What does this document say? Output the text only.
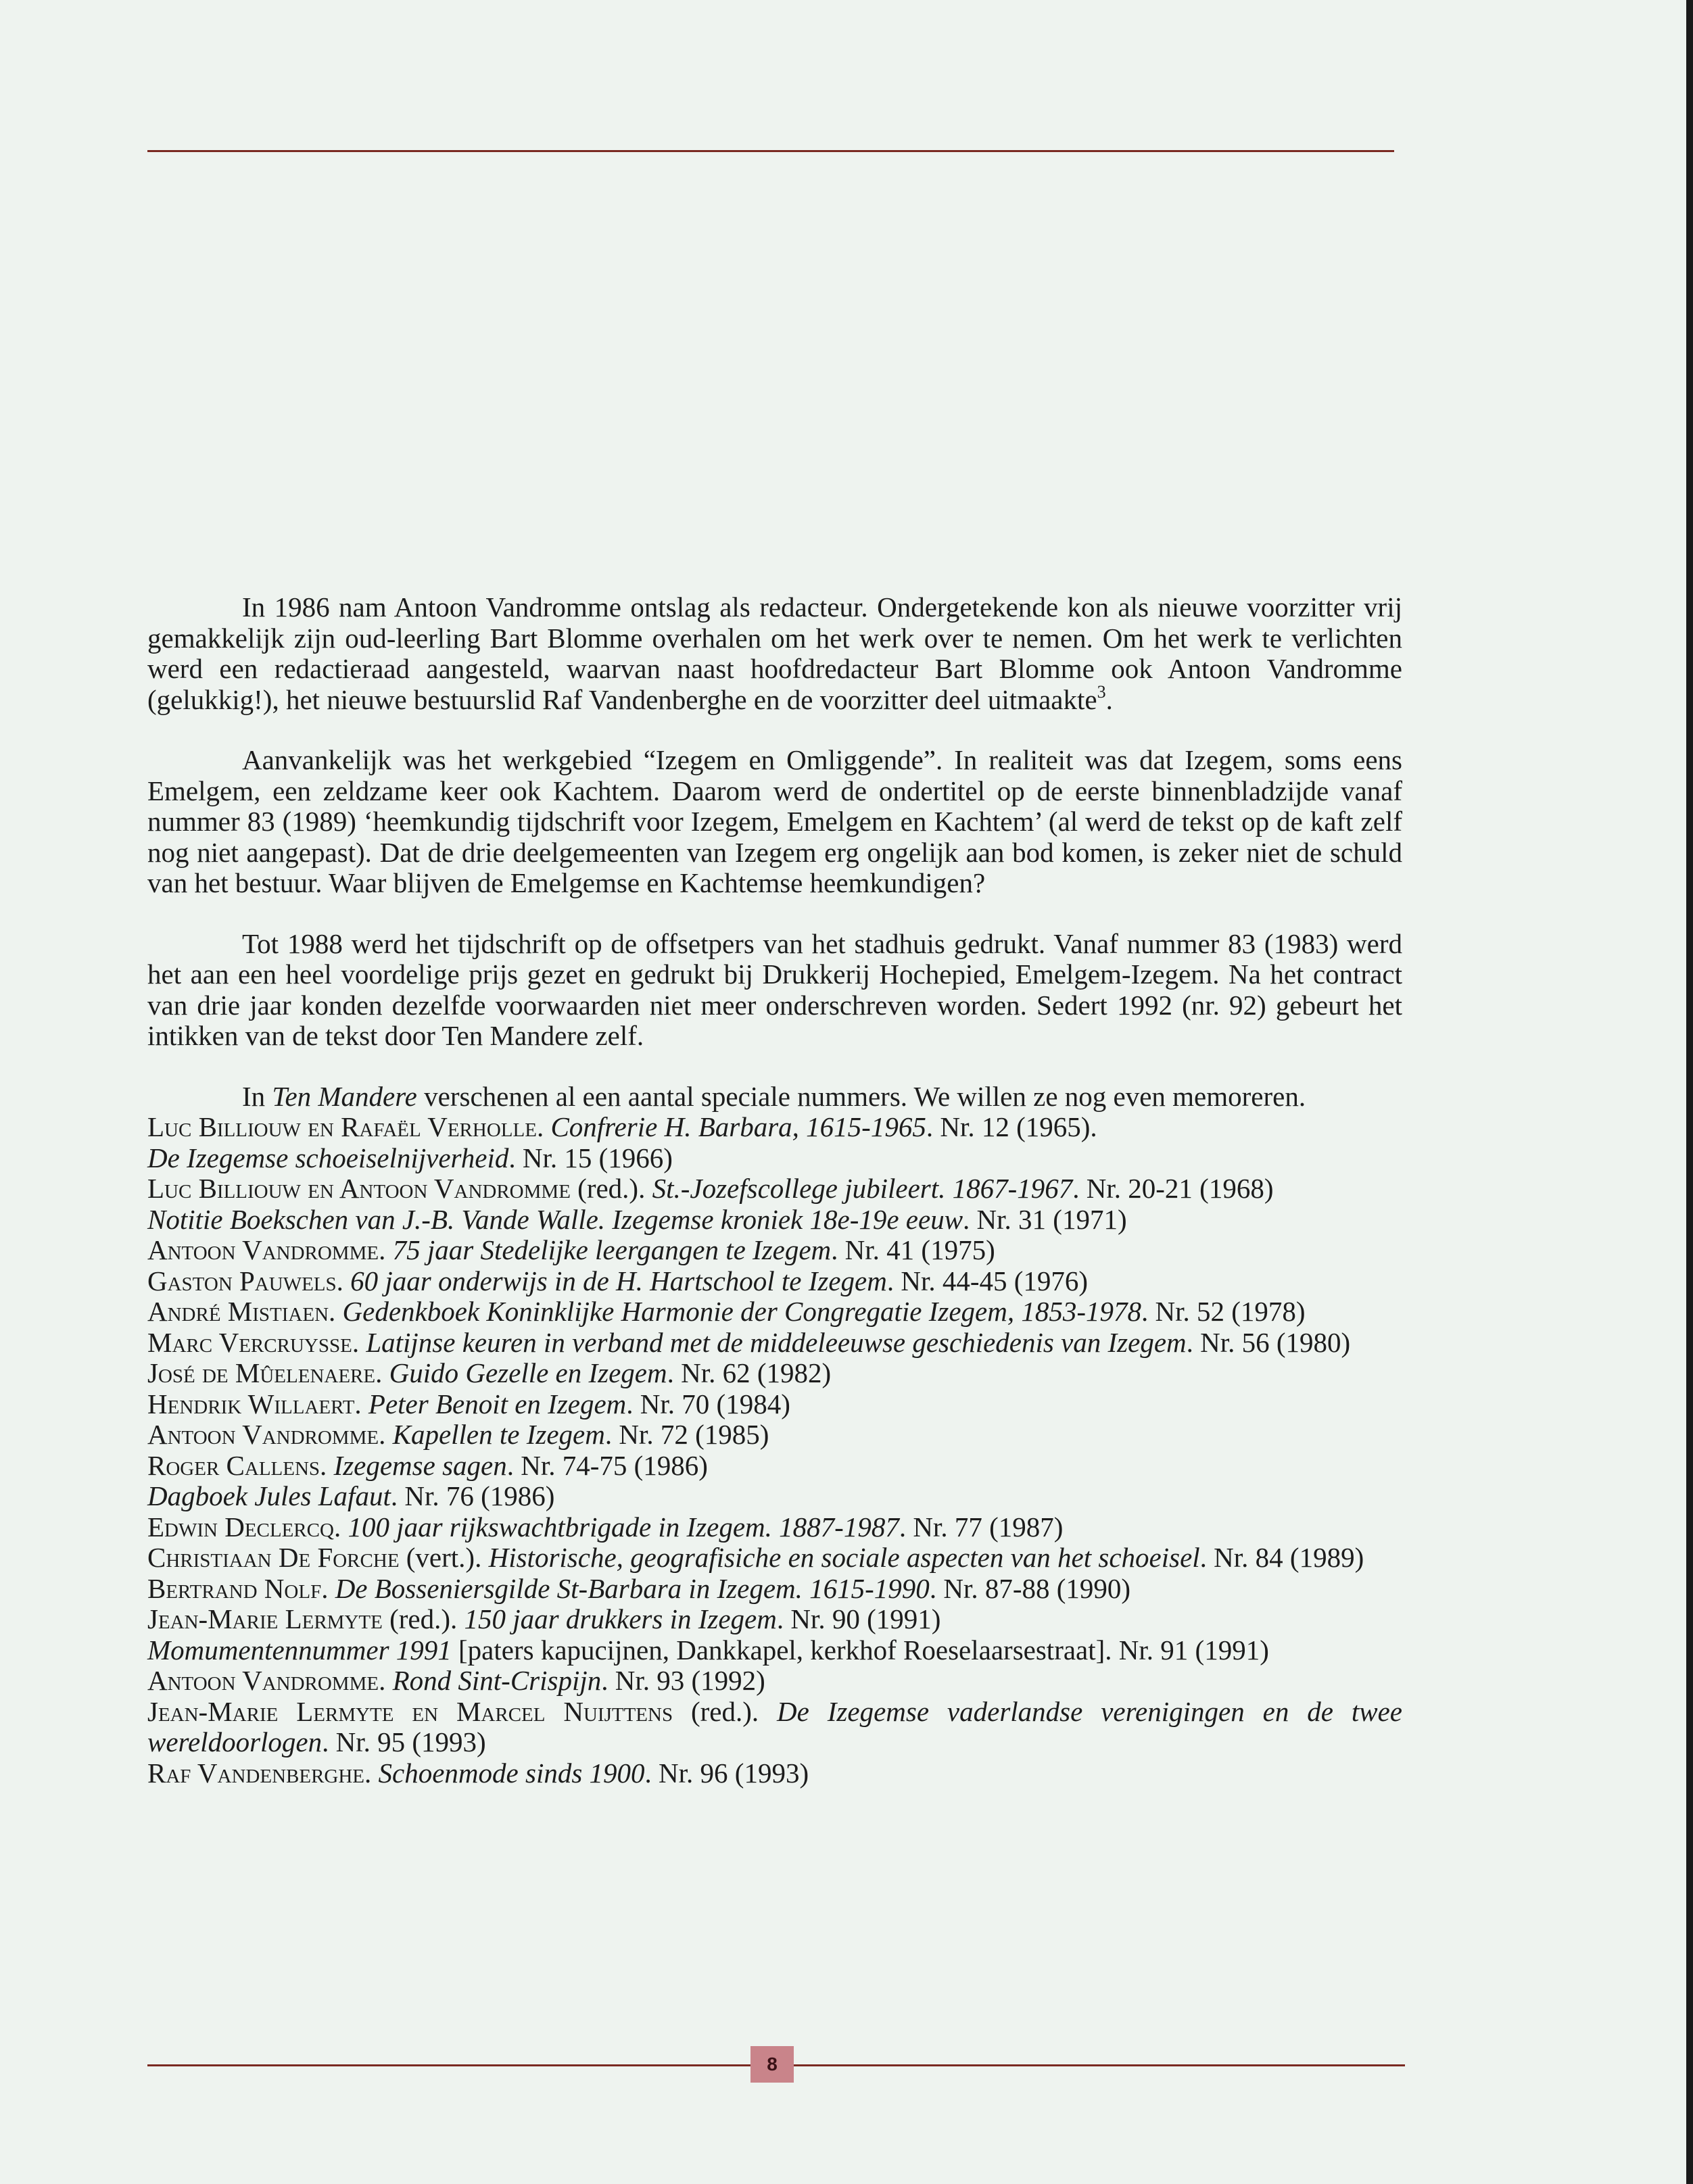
In 1986 nam Antoon Vandromme ontslag als redacteur. Ondergetekende kon als nieuwe voorzitter vrij gemakkelijk zijn oud-leerling Bart Blomme overhalen om het werk over te nemen. Om het werk te verlichten werd een redactieraad aangesteld, waarvan naast hoofdredacteur Bart Blomme ook Antoon Vandromme (gelukkig!), het nieuwe bestuurslid Raf Vandenberghe en de voorzitter deel uitmaakte$^3$.

Aanvankelijk was het werkgebied “Izegem en Omliggende”. In realiteit was dat Izegem, soms eens Emelgem, een zeldzame keer ook Kachtem. Daarom werd de ondertitel op de eerste binnenbladzijde vanaf nummer 83 (1989) ‘heemkundig tijdschrift voor Izegem, Emelgem en Kachtem’ (al werd de tekst op de kaft zelf nog niet aangepast). Dat de drie deelgemeenten van Izegem erg ongelijk aan bod komen, is zeker niet de schuld van het bestuur. Waar blijven de Emelgemse en Kachtemse heemkundigen?

Tot 1988 werd het tijdschrift op de offsetpers van het stadhuis gedrukt. Vanaf nummer 83 (1983) werd het aan een heel voordelige prijs gezet en gedrukt bij Drukkerij Hochepied, Emelgem-Izegem. Na het contract van drie jaar konden dezelfde voorwaarden niet meer onderschreven worden. Sedert 1992 (nr. 92) gebeurt het intikken van de tekst door Ten Mandere zelf.

In Ten Mandere verschenen al een aantal speciale nummers. We willen ze nog even memoreren.

Luc Billiouw en Rafaël Verholle. Confrerie H. Barbara, 1615-1965. Nr. 12 (1965).
De Izegemse schoeiselnijverheid. Nr. 15 (1966)
Luc Billiouw en Antoon Vandromme (red.). St.-Jozefscollege jubileert. 1867-1967. Nr. 20-21 (1968)
Notitie Boekschen van J.-B. Vande Walle. Izegemse kroniek 18e-19e eeuw. Nr. 31 (1971)
Antoon Vandromme. 75 jaar Stedelijke leergangen te Izegem. Nr. 41 (1975)
Gaston Pauwels. 60 jaar onderwijs in de H. Hartschool te Izegem. Nr. 44-45 (1976)
André Mistiaen. Gedenkboek Koninklijke Harmonie der Congregatie Izegem, 1853-1978. Nr. 52 (1978)
Marc Vercruysse. Latijnse keuren in verband met de middeleeuwse geschiedenis van Izegem. Nr. 56 (1980)
José de Mûelenaere. Guido Gezelle en Izegem. Nr. 62 (1982)
Hendrik Willaert. Peter Benoit en Izegem. Nr. 70 (1984)
Antoon Vandromme. Kapellen te Izegem. Nr. 72 (1985)
Roger Callens. Izegemse sagen. Nr. 74-75 (1986)
Dagboek Jules Lafaut. Nr. 76 (1986)
Edwin Declercq. 100 jaar rijkswachtbrigade in Izegem. 1887-1987. Nr. 77 (1987)
Christiaan De Forche (vert.). Historische, geografisiche en sociale aspecten van het schoeisel. Nr. 84 (1989)
Bertrand Nolf. De Bosseniersgilde St-Barbara in Izegem. 1615-1990. Nr. 87-88 (1990)
Jean-Marie Lermyte (red.). 150 jaar drukkers in Izegem. Nr. 90 (1991)
Momumentennummer 1991 [paters kapucijnen, Dankkapel, kerkhof Roeselaarsestraat]. Nr. 91 (1991)
Antoon Vandromme. Rond Sint-Crispijn. Nr. 93 (1992)
Jean-Marie Lermyte en Marcel Nuijttens (red.). De Izegemse vaderlandse verenigingen en de twee wereldoorlogen. Nr. 95 (1993)
Raf Vandenberghe. Schoenmode sinds 1900. Nr. 96 (1993)
8
